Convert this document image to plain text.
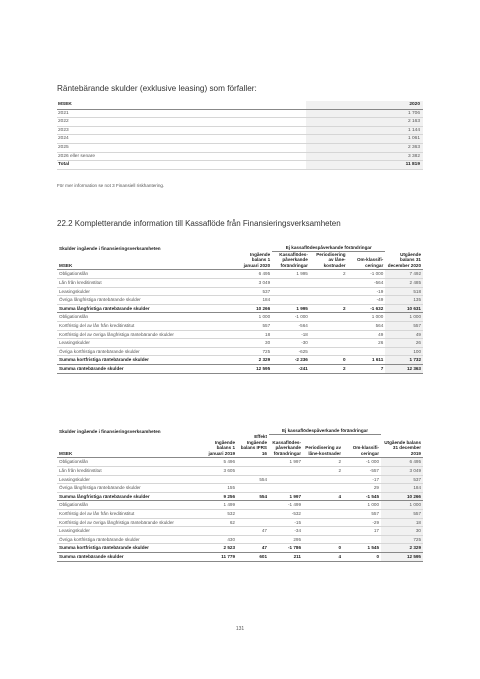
Räntebärande skulder (exklusive leasing) som förfaller:
MSEK	2020
2021	1 706
2022	2 163
2023	1 144
2024	1 061
2025	2 363
2026 eller senare	3 382
Total	11 819
För mer information se not 3 Finansiell riskhantering.
22.2 Kompletterande information till Kassaflöde från Finansieringsverksamheten
Skulder ingående i finansieringsverksamheten		Ej kassaflödespåverkande förändringar			
MSEK	Ingående balans 1 januari 2020	Kassaflödes-påverkande förändringar	Periodisering av låne-kostnader	Om-klassifi-ceringar	Utgående balans 31 december 2020
Obligationslån	6 495	1 995	2	-1 000	7 492
Lån från kreditinstitut	3 049			-564	2 485
Leasingskulder	537			-19	518
Övriga långfristiga räntebärande skulder	184			-49	135
Summa långfristiga räntebärande skulder	10 266	1 995	2	-1 632	10 631
Obligationslån	1 000	-1 000		1 000	1 000
Kortfristig del av lån från kreditinstitut	557	-564		564	557
Kortfristig del av övriga långfristiga räntebärande skulder	18	-18		49	49
Leasingskulder	30	-30		26	26
Övriga kortfristiga räntebärande skulder	725	-625			100
Summa kortfristiga räntebärande skulder	2 329	-2 236	0	1 611	1 732
Summa räntebärande skulder	12 595	-241	2	7	12 363
Skulder ingående i finansieringsverksamheten			Ej kassaflödespåverkande förändringar			
MSEK	Ingående balans 1 januari 2019	Effekt Ingående balans IFRS 16	Kassaflödes-påverkande förändringar	Periodisering av låne-kostnader	Om-klassifi-ceringar	Utgående balans 31 december 2019
Obligationslån	5 496		1 997	2	-1 000	6 495
Lån från kreditinstitut	3 605			2	-557	3 049
Leasingskulder		554			-17	537
Övriga långfristiga räntebärande skulder	155				29	184
Summa långfristiga räntebärande skulder	9 256	554	1 997	4	-1 545	10 266
Obligationslån	1 499		-1 499		1 000	1 000
Kortfristig del av lån från kreditinstitut	532		-532		557	557
Kortfristig del av övriga långfristiga räntebärande skulder	62		-15		-29	18
Leasingskulder		47	-34		17	30
Övriga kortfristiga räntebärande skulder	430		295			725
Summa kortfristiga räntebärande skulder	2 523	47	-1 786	0	1 545	2 329
Summa räntebärande skulder	11 779	601	211	4	0	12 595
131
